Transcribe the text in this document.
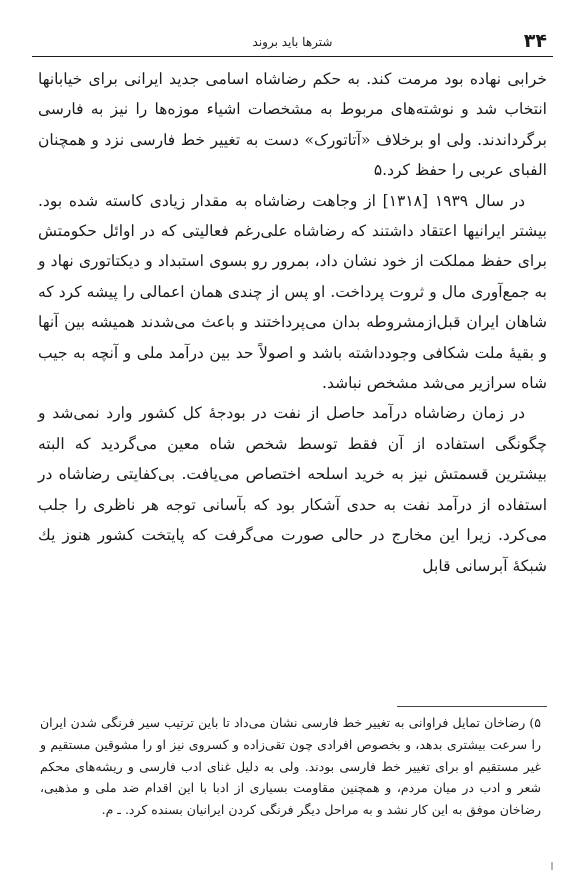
۳۴
شترها باید بروند

خرابی نهاده بود مرمت کند. به حکم رضاشاه اسامی جدید ایرانی برای خیابانها انتخاب شد و نوشته‌های مربوط به مشخصات اشیاء موزه‌ها را نیز به فارسی برگرداندند. ولی او برخلاف «آتاتورک» دست به تغییر خط فارسی نزد و همچنان الفبای عربی را حفظ کرد.۵

در سال ۱۹۳۹ [۱۳۱۸] از وجاهت رضاشاه به مقدار زیادی کاسته شده بود. بیشتر ایرانیها اعتقاد داشتند که رضاشاه علی‌رغم فعالیتی که در اوائل حکومتش برای حفظ مملکت از خود نشان داد، بمرور رو بسوی استبداد و دیکتاتوری نهاد و به جمع‌آوری مال و ثروت پرداخت. او پس از چندی همان اعمالی را پیشه کرد که شاهان ایران قبل‌ازمشروطه بدان می‌پرداختند و باعث می‌شدند همیشه بین آنها و بقیهٔ ملت شکافی وجودداشته باشد و اصولاً حد بین درآمد ملی و آنچه به جیب شاه سرازیر می‌شد مشخص نباشد.

در زمان رضاشاه درآمد حاصل از نفت در بودجهٔ کل کشور وارد نمی‌شد و چگونگی استفاده از آن فقط توسط شخص شاه معین می‌گردید که البته بیشترین قسمتش نیز به خرید اسلحه اختصاص می‌یافت. بی‌کفایتی رضاشاه در استفاده از درآمد نفت به حدی آشکار بود که بآسانی توجه هر ناظری را جلب می‌کرد. زیرا این مخارج در حالی صورت می‌گرفت که پایتخت کشور هنوز یك شبکهٔ آبرسانی قابل

۵) رضاخان تمایل فراوانی به تغییر خط فارسی نشان می‌داد تا باین ترتیب سیر فرنگی شدن ایران را سرعت بیشتری بدهد، و بخصوص افرادی چون تقی‌زاده و کسروی نیز او را مشوقین مستقیم و غیر مستقیم او برای تغییر خط فارسی بودند. ولی به دلیل غنای ادب فارسی و ریشه‌های محکم شعر و ادب در میان مردم، و همچنین مقاومت بسیاری از ادبا با این اقدام ضد ملی و مذهبی، رضاخان موفق به این کار نشد و به مراحل دیگر فرنگی کردن ایرانیان بسنده کرد. ـ م.
